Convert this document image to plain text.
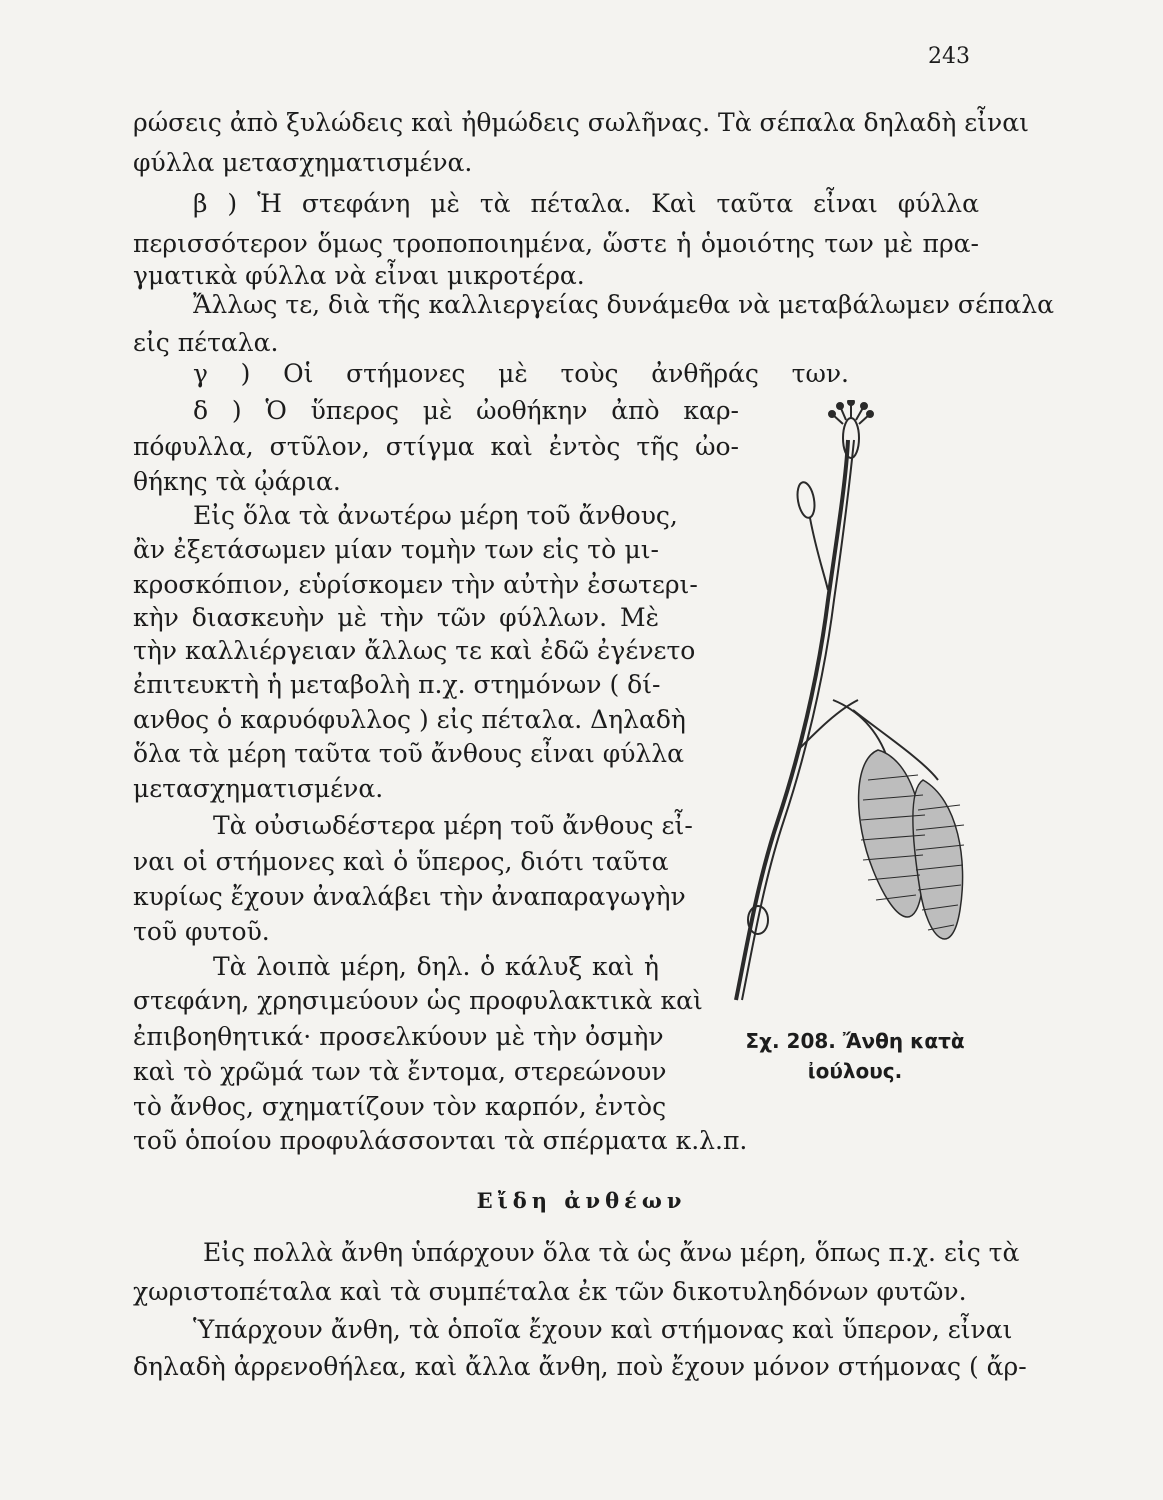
243
ρώσεις ἀπὸ ξυλώδεις καὶ ἠθμώδεις σωλῆνας. Τὰ σέπαλα δηλαδὴ εἶναι
φύλλα μετασχηματισμένα.
β ) Ἡ στεφάνη μὲ τὰ πέταλα. Καὶ ταῦτα εἶναι φύλλα
περισσότερον ὅμως τροποποιημένα, ὥστε ἡ ὁμοιότης των μὲ πρα-
γματικὰ φύλλα νὰ εἶναι μικροτέρα.
Ἄλλως τε, διὰ τῆς καλλιεργείας δυνάμεθα νὰ μεταβάλωμεν σέπαλα
εἰς πέταλα.
γ ) Οἱ στήμονες μὲ τοὺς ἀνθῆράς των.
δ ) Ὁ ὕπερος μὲ ὠοθήκην ἀπὸ καρ-
πόφυλλα, στῦλον, στίγμα καὶ ἐντὸς τῆς ὠο-
θήκης τὰ ᾠάρια.
Εἰς ὅλα τὰ ἀνωτέρω μέρη τοῦ ἄνθους,
ἂν ἐξετάσωμεν μίαν τομὴν των εἰς τὸ μι-
κροσκόπιον, εὑρίσκομεν τὴν αὐτὴν ἐσωτερι-
κὴν διασκευὴν μὲ τὴν τῶν φύλλων. Μὲ
τὴν καλλιέργειαν ἄλλως τε καὶ ἐδῶ ἐγένετο
ἐπιτευκτὴ ἡ μεταβολὴ π.χ. στημόνων ( δί-
ανθος ὁ καρυόφυλλος ) εἰς πέταλα. Δηλαδὴ
ὅλα τὰ μέρη ταῦτα τοῦ ἄνθους εἶναι φύλλα
μετασχηματισμένα.
Τὰ οὐσιωδέστερα μέρη τοῦ ἄνθους εἶ-
ναι οἱ στήμονες καὶ ὁ ὕπερος, διότι ταῦτα
κυρίως ἔχουν ἀναλάβει τὴν ἀναπαραγωγὴν
τοῦ φυτοῦ.
Τὰ λοιπὰ μέρη, δηλ. ὁ κάλυξ καὶ ἡ
στεφάνη, χρησιμεύουν ὡς προφυλακτικὰ καὶ
ἐπιβοηθητικά· προσελκύουν μὲ τὴν ὀσμὴν
καὶ τὸ χρῶμά των τὰ ἔντομα, στερεώνουν
τὸ ἄνθος, σχηματίζουν τὸν καρπόν, ἐντὸς
τοῦ ὁποίου προφυλάσσονται τὰ σπέρματα κ.λ.π.
Εἴδη ἀνθέων
Εἰς πολλὰ ἄνθη ὑπάρχουν ὅλα τὰ ὡς ἄνω μέρη, ὅπως π.χ. εἰς τὰ
χωριστοπέταλα καὶ τὰ συμπέταλα ἐκ τῶν δικοτυληδόνων φυτῶν.
Ὑπάρχουν ἄνθη, τὰ ὁποῖα ἔχουν καὶ στήμονας καὶ ὕπερον, εἶναι
δηλαδὴ ἀρρενοθήλεα, καὶ ἄλλα ἄνθη, ποὺ ἔχουν μόνον στήμονας ( ἄρ-
Σχ. 208. Ἄνθη κατὰ
ἰούλους.
